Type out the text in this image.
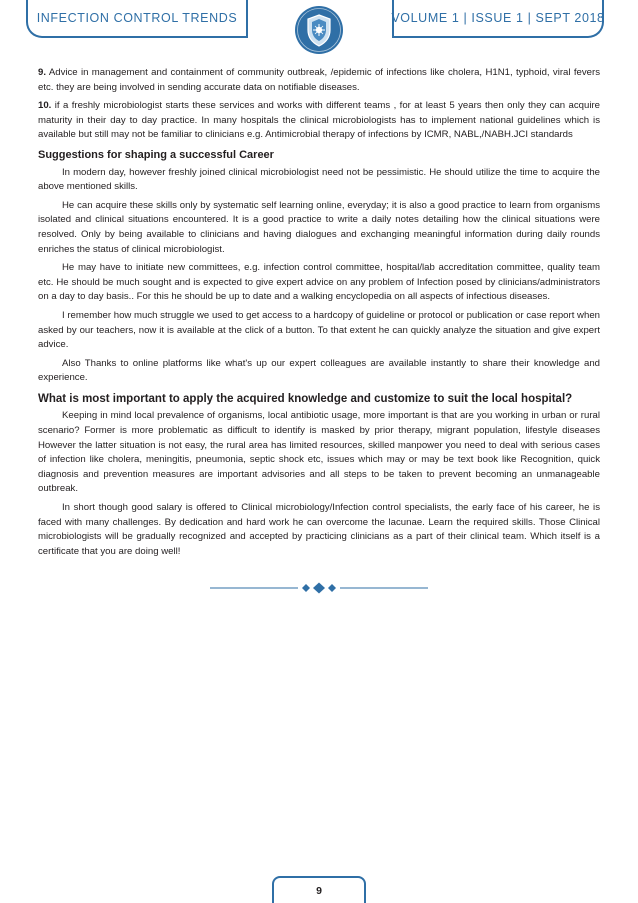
INFECTION CONTROL TRENDS	VOLUME 1 | ISSUE 1 | SEPT 2018

9. Advice in management and containment of community outbreak, /epidemic of infections like cholera, H1N1, typhoid, viral fevers etc. they are being involved in sending accurate data on notifiable diseases.

10. if a freshly microbiologist starts these services and works with different teams , for at least 5 years then only they can acquire maturity in their day to day practice. In many hospitals the clinical microbiologists has to implement national guidelines which is available but still may not be familiar to clinicians e.g. Antimicrobial therapy of infections by ICMR, NABL,/NABH.JCI standards

Suggestions for shaping a successful Career

In modern day, however freshly joined clinical microbiologist need not be pessimistic. He should utilize the time to acquire the above mentioned skills.

He can acquire these skills only by systematic self learning online, everyday; it is also a good practice to learn from organisms isolated and clinical situations encountered. It is a good practice to write a daily notes detailing how the clinical situations were resolved. Only by being available to clinicians and having dialogues and exchanging meaningful information during daily rounds enriches the status of clinical microbiologist.

He may have to initiate new committees, e.g. infection control committee, hospital/lab accreditation committee, quality team etc. He should be much sought and is expected to give expert advice on any problem of Infection posed by clinicians/administrators on a day to day basis.. For this he should be up to date and a walking encyclopedia on all aspects of infectious diseases.

I remember how much struggle we used to get access to a hardcopy of guideline or protocol or publication or case report when asked by our teachers, now it is available at the click of a button. To that extent he can quickly analyze the situation and give expert advice.

Also Thanks to online platforms like what's up our expert colleagues are available instantly to share their knowledge and experience.

What is most important to apply the acquired knowledge and customize to suit the local hospital?

Keeping in mind local prevalence of organisms, local antibiotic usage, more important is that are you working in urban or rural scenario? Former is more problematic as difficult to identify is masked by prior therapy, migrant population, lifestyle diseases However the latter situation is not easy, the rural area has limited resources, skilled manpower you need to deal with serious cases of infection like cholera, meningitis, pneumonia, septic shock etc, issues which may or may be text book like Recognition, quick diagnosis and prevention measures are important advisories and all steps to be taken to prevent becoming an unmanageable outbreak.

In short though good salary is offered to Clinical microbiology/Infection control specialists, the early face of his career, he is faced with many challenges. By dedication and hard work he can overcome the lacunae. Learn the required skills. Those Clinical microbiologists will be gradually recognized and accepted by practicing clinicians as a part of their clinical team. Which itself is a certificate that you are doing well!

9
